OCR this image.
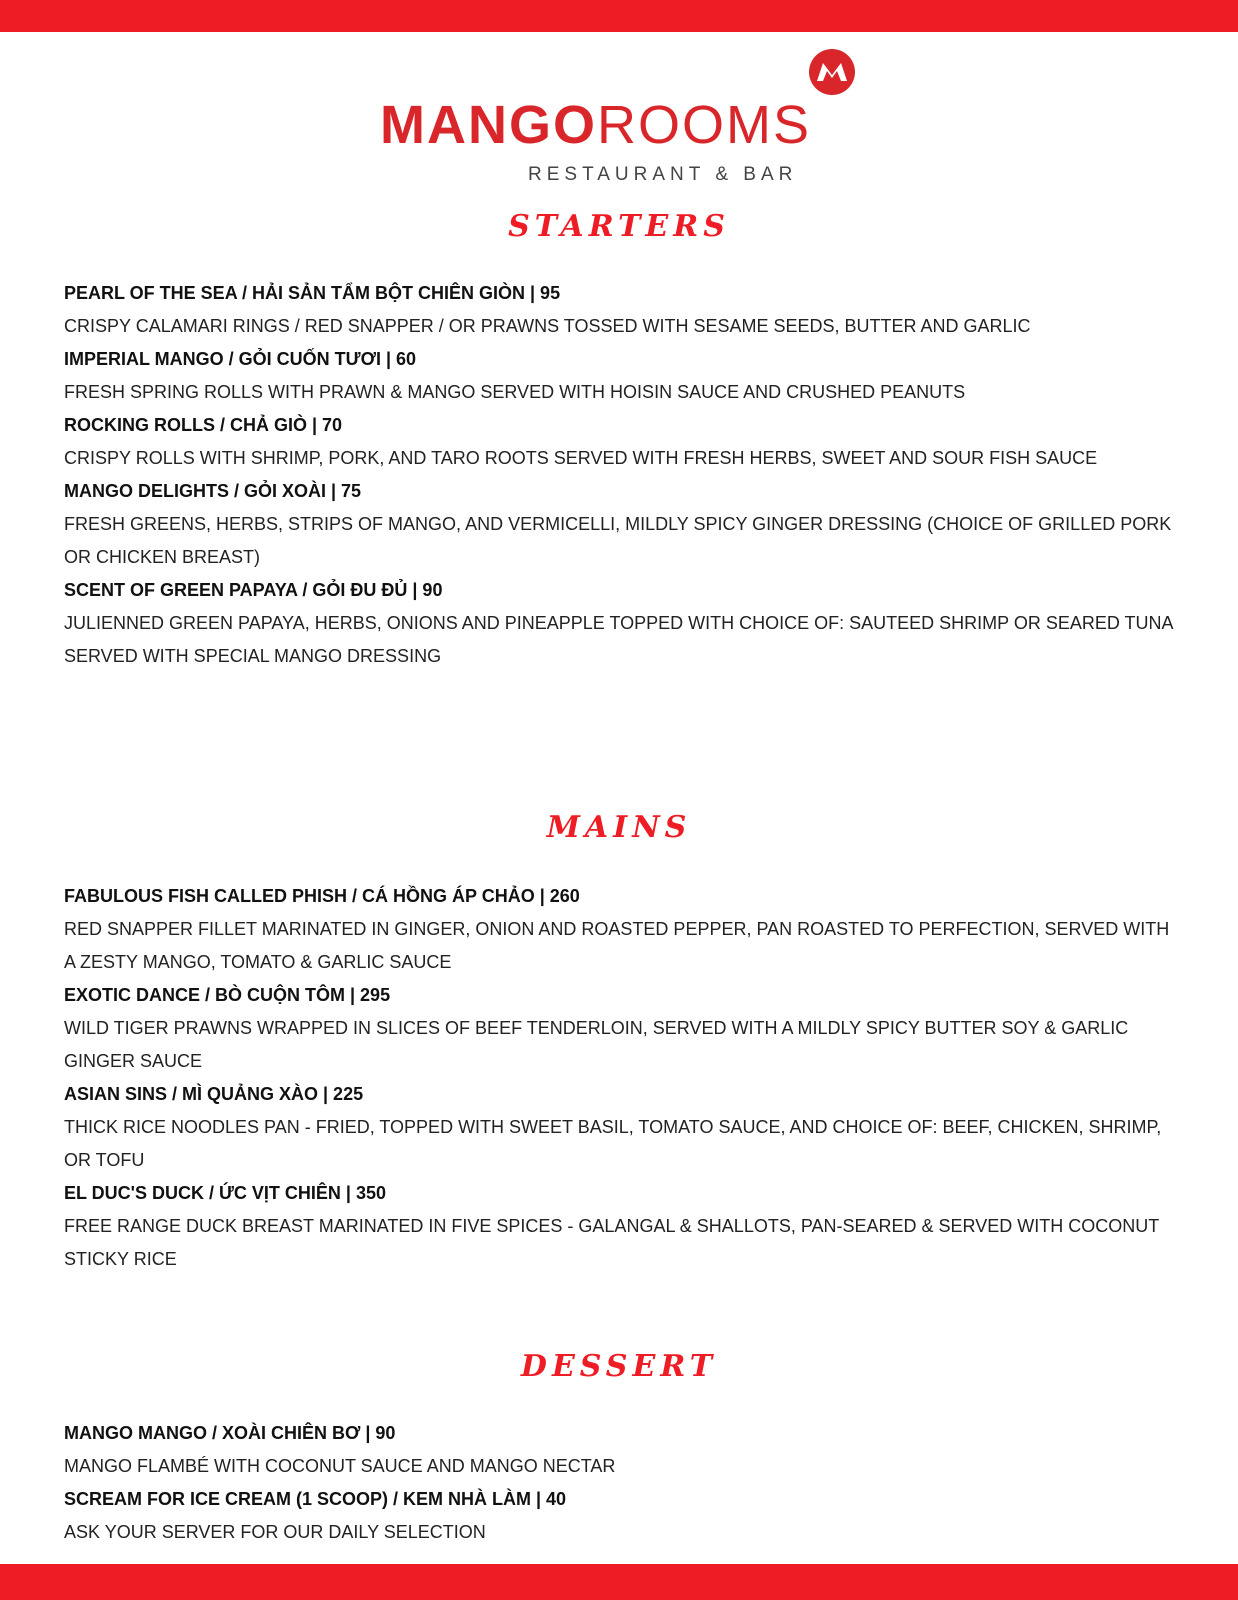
MANGOROOMS
RESTAURANT & BAR
STARTERS
PEARL OF THE SEA / HẢI SẢN TẨM BỘT CHIÊN GIÒN | 95
CRISPY CALAMARI RINGS / RED SNAPPER / OR PRAWNS TOSSED WITH SESAME SEEDS, BUTTER AND GARLIC
IMPERIAL MANGO / GỎI CUỐN TƯƠI | 60
FRESH SPRING ROLLS WITH PRAWN & MANGO SERVED WITH HOISIN SAUCE AND CRUSHED PEANUTS
ROCKING ROLLS / CHẢ GIÒ | 70
CRISPY ROLLS WITH SHRIMP, PORK, AND TARO ROOTS SERVED WITH FRESH HERBS, SWEET AND SOUR FISH SAUCE
MANGO DELIGHTS / GỎI XOÀI | 75
FRESH GREENS, HERBS, STRIPS OF MANGO, AND VERMICELLI, MILDLY SPICY GINGER DRESSING (CHOICE OF GRILLED PORK OR CHICKEN BREAST)
SCENT OF GREEN PAPAYA / GỎI ĐU ĐỦ | 90
JULIENNED GREEN PAPAYA, HERBS, ONIONS AND PINEAPPLE TOPPED WITH CHOICE OF: SAUTEED SHRIMP OR SEARED TUNA SERVED WITH SPECIAL MANGO DRESSING
MAINS
FABULOUS FISH CALLED PHISH / CÁ HỒNG ÁP CHẢO | 260
RED SNAPPER FILLET MARINATED IN GINGER, ONION AND ROASTED PEPPER, PAN ROASTED TO PERFECTION, SERVED WITH A ZESTY MANGO, TOMATO & GARLIC SAUCE
EXOTIC DANCE / BÒ CUỘN TÔM | 295
WILD TIGER PRAWNS WRAPPED IN SLICES OF BEEF TENDERLOIN, SERVED WITH A MILDLY SPICY BUTTER SOY & GARLIC GINGER SAUCE
ASIAN SINS / MÌ QUẢNG XÀO | 225
THICK RICE NOODLES PAN - FRIED, TOPPED WITH SWEET BASIL, TOMATO SAUCE, AND CHOICE OF: BEEF, CHICKEN, SHRIMP, OR TOFU
EL DUC'S DUCK / ỨC VỊT CHIÊN | 350
FREE RANGE DUCK BREAST MARINATED IN FIVE SPICES - GALANGAL & SHALLOTS, PAN-SEARED & SERVED WITH COCONUT STICKY RICE
DESSERT
MANGO MANGO / XOÀI CHIÊN BƠ | 90
MANGO FLAMBÉ WITH COCONUT SAUCE AND MANGO NECTAR
SCREAM FOR ICE CREAM (1 SCOOP) / KEM NHÀ LÀM | 40
ASK YOUR SERVER FOR OUR DAILY SELECTION
